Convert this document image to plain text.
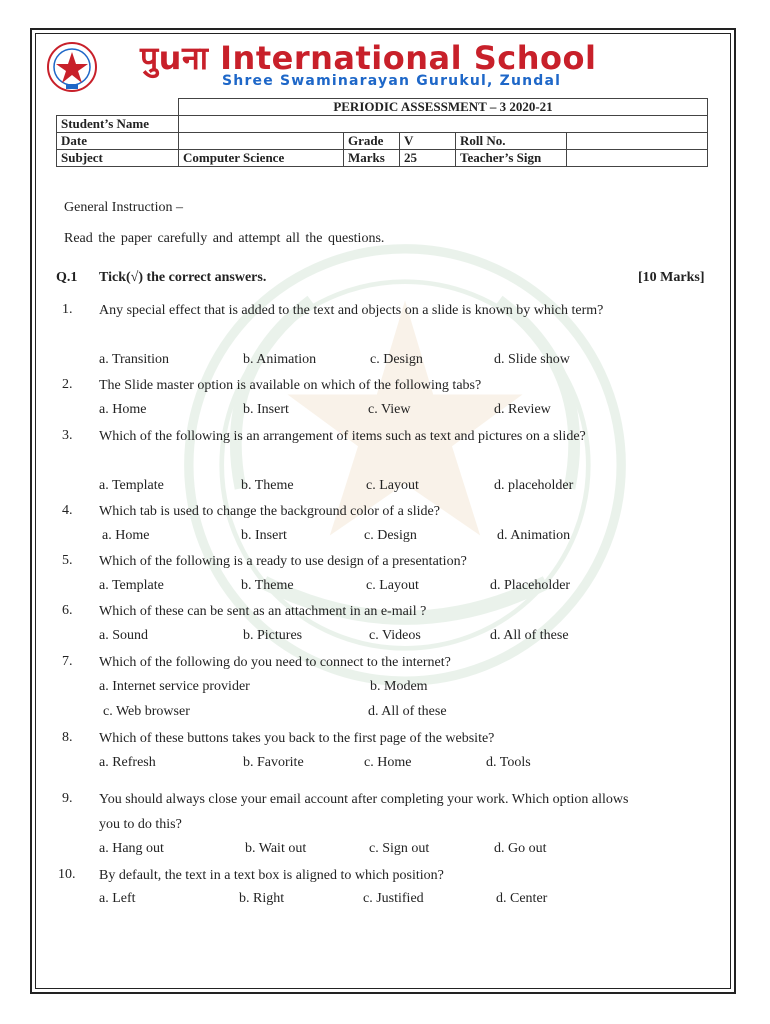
पुuना International School
Shree Swaminarayan Gurukul, Zundal
	PERIODIC ASSESSMENT – 3 2020-21				
Student’s Name					
Date		Grade	V	Roll No.	
Subject	Computer Science	Marks	25	Teacher’s Sign	
General Instruction –
Read the paper carefully and attempt all the questions.
Q.1 Tick(√) the correct answers.	[10 Marks]
1. Any special effect that is added to the text and objects on a slide is known by which term?
a. Transition	b. Animation	c. Design	d. Slide show
2. The Slide master option is available on which of the following tabs?
a. Home	b. Insert	c. View	d. Review
3. Which of the following is an arrangement of items such as text and pictures on a slide?
a. Template	b. Theme	c. Layout	d. placeholder
4. Which tab is used to change the background color of a slide?
a. Home	b. Insert	c. Design	d. Animation
5. Which of the following is a ready to use design of a presentation?
a. Template	b. Theme	c. Layout	d. Placeholder
6. Which of these can be sent as an attachment in an e-mail ?
a. Sound	b. Pictures	c. Videos	d. All of these
7. Which of the following do you need to connect to the internet?
a. Internet service provider	b. Modem
c. Web browser	d. All of these
8. Which of these buttons takes you back to the first page of the website?
a. Refresh	b. Favorite	c. Home	d. Tools
9. You should always close your email account after completing your work. Which option allows you to do this?
a. Hang out	b. Wait out	c. Sign out	d. Go out
10. By default, the text in a text box is aligned to which position?
a. Left	b. Right	c. Justified	d. Center
